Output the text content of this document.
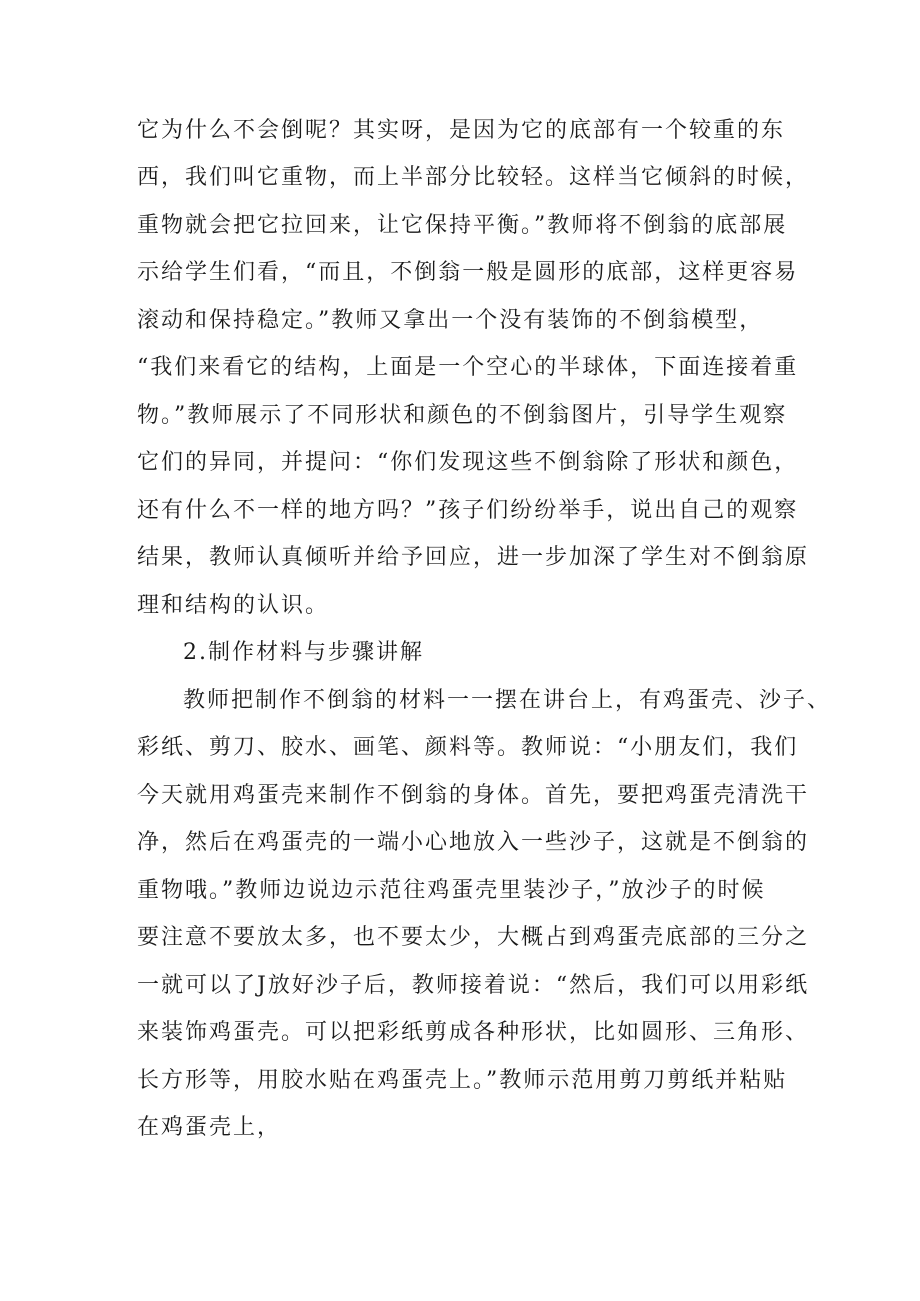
它为什么不会倒呢？其实呀，是因为它的底部有一个较重的东
西，我们叫它重物，而上半部分比较轻。这样当它倾斜的时候，
重物就会把它拉回来，让它保持平衡。”教师将不倒翁的底部展
示给学生们看，“而且，不倒翁一般是圆形的底部，这样更容易
滚动和保持稳定。”教师又拿出一个没有装饰的不倒翁模型，
“我们来看它的结构，上面是一个空心的半球体，下面连接着重
物。”教师展示了不同形状和颜色的不倒翁图片，引导学生观察
它们的异同，并提问：“你们发现这些不倒翁除了形状和颜色，
还有什么不一样的地方吗？”孩子们纷纷举手，说出自己的观察
结果，教师认真倾听并给予回应，进一步加深了学生对不倒翁原
理和结构的认识。
2.制作材料与步骤讲解
教师把制作不倒翁的材料一一摆在讲台上，有鸡蛋壳、沙子、
彩纸、剪刀、胶水、画笔、颜料等。教师说：“小朋友们，我们
今天就用鸡蛋壳来制作不倒翁的身体。首先，要把鸡蛋壳清洗干
净，然后在鸡蛋壳的一端小心地放入一些沙子，这就是不倒翁的
重物哦。”教师边说边示范往鸡蛋壳里装沙子，”放沙子的时候
要注意不要放太多，也不要太少，大概占到鸡蛋壳底部的三分之
一就可以了J放好沙子后，教师接着说：“然后，我们可以用彩纸
来装饰鸡蛋壳。可以把彩纸剪成各种形状，比如圆形、三角形、
长方形等，用胶水贴在鸡蛋壳上。”教师示范用剪刀剪纸并粘贴
在鸡蛋壳上，
